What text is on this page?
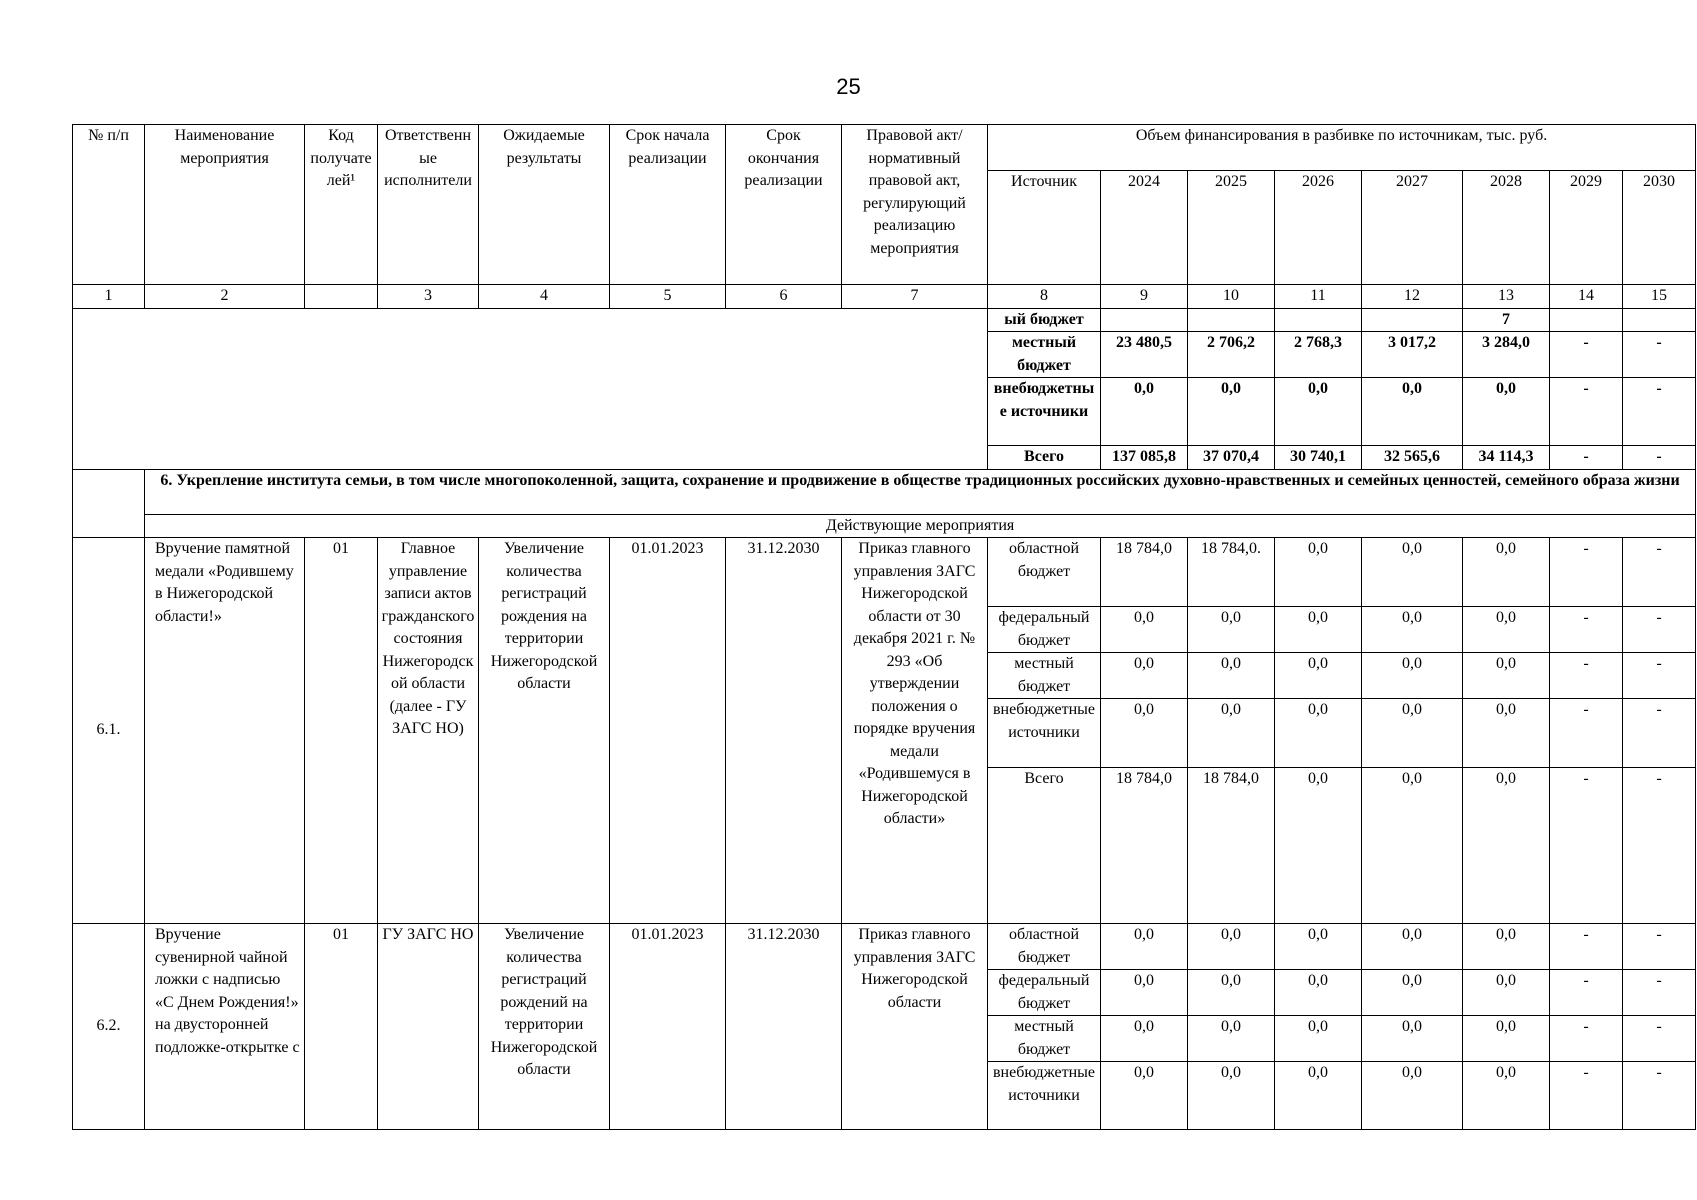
25
№ п/п	Наименование мероприятия	Код получателей¹	Ответственные исполнители	Ожидаемые результаты	Срок начала реализации	Срок окончания реализации	Правовой акт/нормативный правовой акт, регулирующий реализацию мероприятия	Объем финансирования в разбивке по источникам, тыс. руб.							
								Источник	2024	2025	2026	2027	2028	2029	2030
1	2		3	4	5	6	7	8	9	10	11	12	13	14	15
								ый бюджет					7		
								местный бюджет	23 480,5	2 706,2	2 768,3	3 017,2	3 284,0	-	-
								внебюджетные источники	0,0	0,0	0,0	0,0	0,0	-	-
								Всего	137 085,8	37 070,4	30 740,1	32 565,6	34 114,3	-	-
	6. Укрепление института семьи, в том числе многопоколенной, защита, сохранение и продвижение в обществе традиционных российских духовно-нравственных и семейных ценностей, семейного образа жизни														
	Действующие мероприятия														
6.1.	Вручение памятной медали «Родившему в Нижегородской области!»	01	Главное управление записи актов гражданского состояния Нижегородской области (далее - ГУ ЗАГС НО)	Увеличение количества регистраций рождения на территории Нижегородской области	01.01.2023	31.12.2030	Приказ главного управления ЗАГС Нижегородской области от 30 декабря 2021 г. № 293 «Об утверждении положения о порядке вручения медали «Родившемуся в Нижегородской области»	областной бюджет	18 784,0	18 784,0.	0,0	0,0	0,0	-	-
								федеральный бюджет	0,0	0,0	0,0	0,0	0,0	-	-
								местный бюджет	0,0	0,0	0,0	0,0	0,0	-	-
								внебюджетные источники	0,0	0,0	0,0	0,0	0,0	-	-
								Всего	18 784,0	18 784,0	0,0	0,0	0,0	-	-
6.2.	Вручение сувенирной чайной ложки с надписью «С Днем Рождения!» на двусторонней подложке-открытке с	01	ГУ ЗАГС НО	Увеличение количества регистраций рождений на территории Нижегородской области	01.01.2023	31.12.2030	Приказ главного управления ЗАГС Нижегородской области	областной бюджет	0,0	0,0	0,0	0,0	0,0	-	-
								федеральный бюджет	0,0	0,0	0,0	0,0	0,0	-	-
								местный бюджет	0,0	0,0	0,0	0,0	0,0	-	-
								внебюджетные источники	0,0	0,0	0,0	0,0	0,0	-	-
